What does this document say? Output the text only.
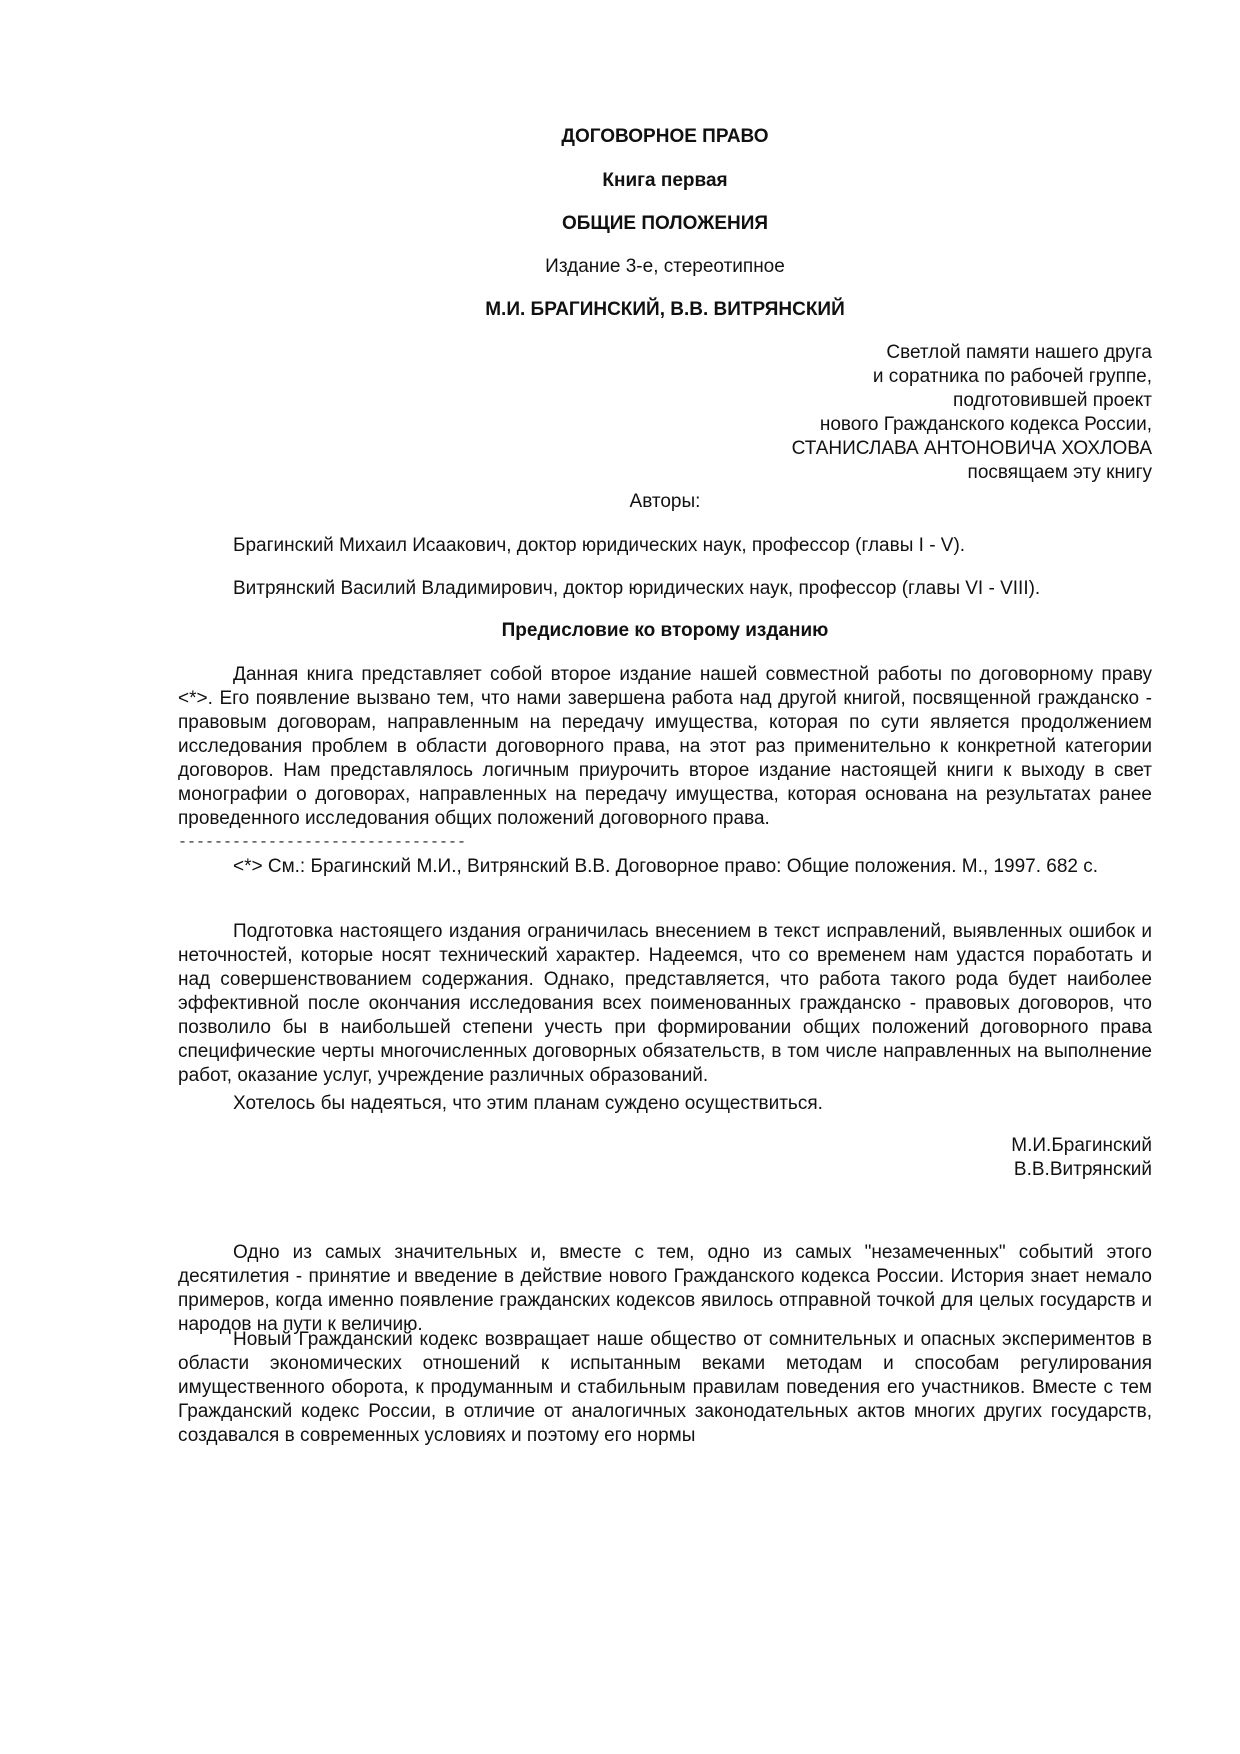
ДОГОВОРНОЕ ПРАВО
Книга первая
ОБЩИЕ ПОЛОЖЕНИЯ
Издание 3-е, стереотипное
М.И. БРАГИНСКИЙ, В.В. ВИТРЯНСКИЙ
Светлой памяти нашего друга
и соратника по рабочей группе,
подготовившей проект
нового Гражданского кодекса России,
СТАНИСЛАВА АНТОНОВИЧА ХОХЛОВА
посвящаем эту книгу
Авторы:
Брагинский Михаил Исаакович, доктор юридических наук, профессор (главы I - V).
Витрянский Василий Владимирович, доктор юридических наук, профессор (главы VI - VIII).
Предисловие ко второму изданию

Данная книга представляет собой второе издание нашей совместной работы по договорному праву <*>. Его появление вызвано тем, что нами завершена работа над другой книгой, посвященной гражданско - правовым договорам, направленным на передачу имущества, которая по сути является продолжением исследования проблем в области договорного права, на этот раз применительно к конкретной категории договоров. Нам представлялось логичным приурочить второе издание настоящей книги к выходу в свет монографии о договорах, направленных на передачу имущества, которая основана на результатах ранее проведенного исследования общих положений договорного права.

--------------------------------

<*> См.: Брагинский М.И., Витрянский В.В. Договорное право: Общие положения. М., 1997. 682 с.

Подготовка настоящего издания ограничилась внесением в текст исправлений, выявленных ошибок и неточностей, которые носят технический характер. Надеемся, что со временем нам удастся поработать и над совершенствованием содержания. Однако, представляется, что работа такого рода будет наиболее эффективной после окончания исследования всех поименованных гражданско - правовых договоров, что позволило бы в наибольшей степени учесть при формировании общих положений договорного права специфические черты многочисленных договорных обязательств, в том числе направленных на выполнение работ, оказание услуг, учреждение различных образований.

Хотелось бы надеяться, что этим планам суждено осуществиться.

М.И.Брагинский
В.В.Витрянский

Одно из самых значительных и, вместе с тем, одно из самых "незамеченных" событий этого десятилетия - принятие и введение в действие нового Гражданского кодекса России. История знает немало примеров, когда именно появление гражданских кодексов явилось отправной точкой для целых государств и народов на пути к величию.

Новый Гражданский кодекс возвращает наше общество от сомнительных и опасных экспериментов в области экономических отношений к испытанным веками методам и способам регулирования имущественного оборота, к продуманным и стабильным правилам поведения его участников. Вместе с тем Гражданский кодекс России, в отличие от аналогичных законодательных актов многих других государств, создавался в современных условиях и поэтому его нормы
